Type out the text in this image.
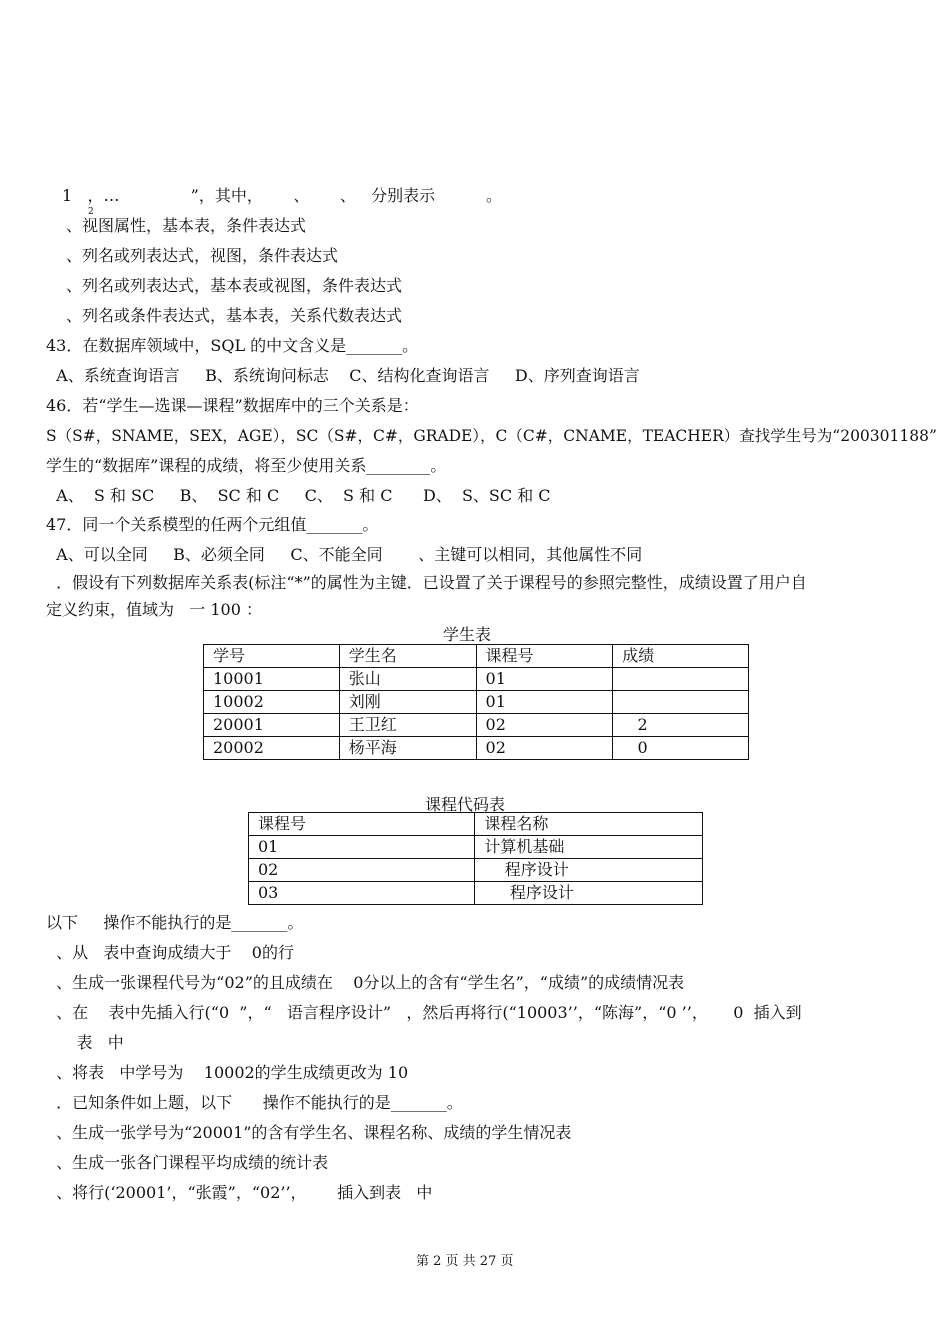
1   ，…              ”，其中，      、      、   分别表示          。
$_2$
、视图属性，基本表，条件表达式
、列名或列表达式，视图，条件表达式
、列名或列表达式，基本表或视图，条件表达式
、列名或条件表达式，基本表，关系代数表达式
43．在数据库领域中，SQL 的中文含义是_______。
A、系统查询语言     B、系统询问标志    C、结构化查询语言     D、序列查询语言
46．若“学生—选课—课程”数据库中的三个关系是：
S（S#，SNAME，SEX，AGE），SC（S#，C#，GRADE），C（C#，CNAME，TEACHER）查找学生号为“200301188”
学生的“数据库”课程的成绩，将至少使用关系________。
A、  S 和 SC     B、  SC 和 C     C、  S 和 C      D、  S、SC 和 C
47．同一个关系模型的任两个元组值_______。
A、可以全同     B、必须全同     C、不能全同       、主键可以相同，其他属性不同
．假设有下列数据库关系表(标注“*”的属性为主键．已设置了关于课程号的参照完整性，成绩设置了用户自
定义约束，值域为   一 100 ：
学生表
学号	学生名	课程号	成绩
10001	张山	01	
10002	刘刚	01	
20001	王卫红	02	2
20002	杨平海	02	0
课程代码表
课程号	课程名称
01	计算机基础
02	程序设计
03	程序设计
以下     操作不能执行的是_______。
、从   表中查询成绩大于    0的行
、生成一张课程代号为“02”的且成绩在    0分以上的含有“学生名”，“成绩”的成绩情况表
、在    表中先插入行(“0  ”，“   语言程序设计”   ，然后再将行(“10003’’，“陈海”，“0 ’’，     0  插入到
表   中
、将表   中学号为    10002的学生成绩更改为 10
．已知条件如上题，以下      操作不能执行的是_______。
、生成一张学号为“20001”的含有学生名、课程名称、成绩的学生情况表
、生成一张各门课程平均成绩的统计表
、将行(‘20001’，“张霞”，“02’’，      插入到表   中
第 2 页 共 27 页
